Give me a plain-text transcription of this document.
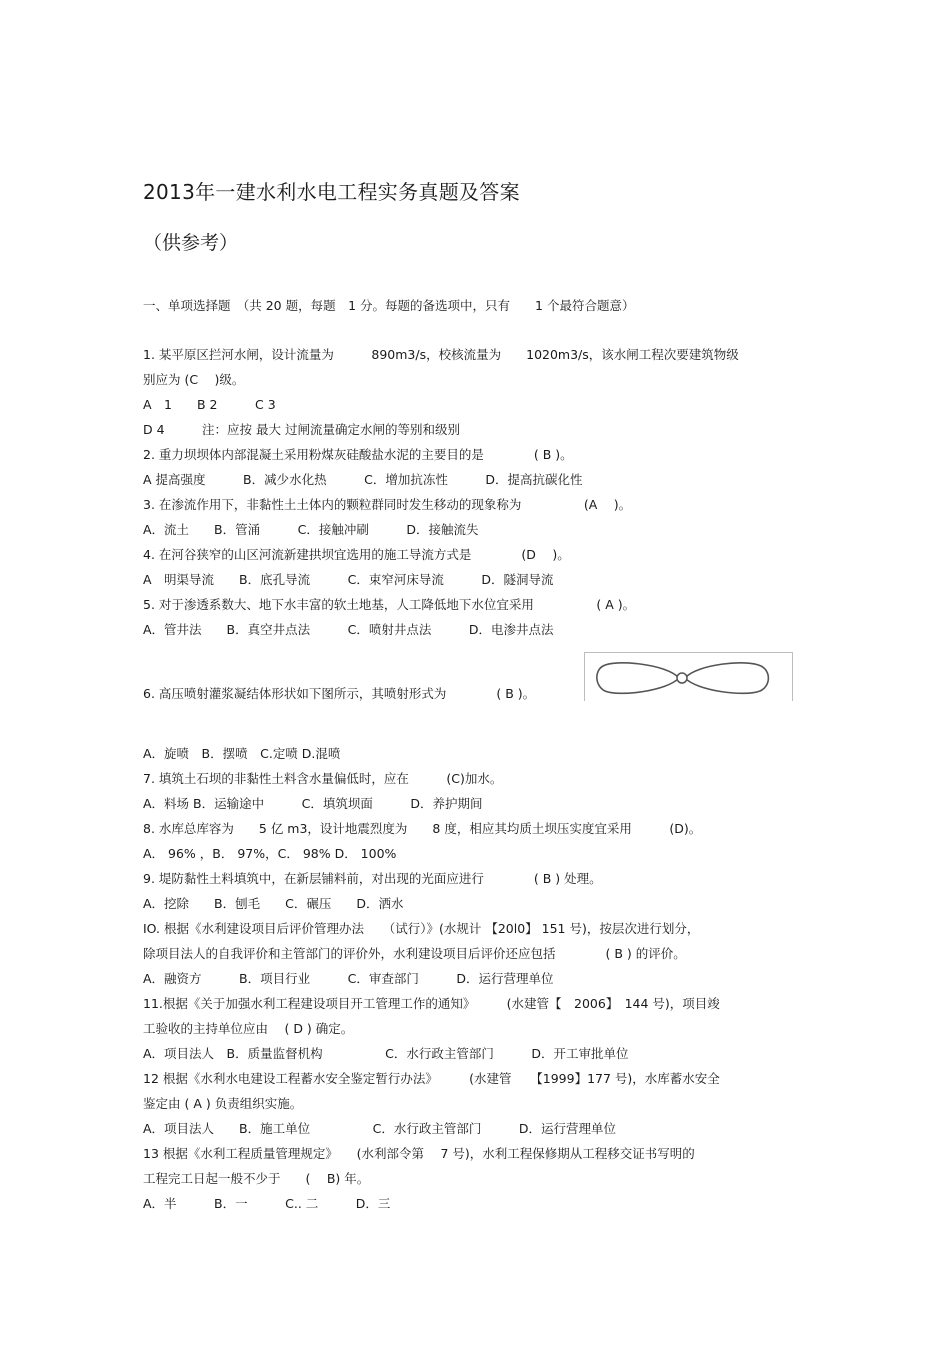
2013年一建水利水电工程实务真题及答案
（供参考）
一、单项选择题　（共 20 题，每题　1 分。每题的备选项中，只有　　1 个最符合题意）
1. 某平原区拦河水闸，设计流量为　　　890m3/s，校核流量为　　1020m3/s，该水闸工程次要建筑物级
别应为 (C　 )级。
A　1　　B 2　　　C 3
D 4　　　注：应按 最大 过闸流量确定水闸的等别和级别
2. 重力坝坝体内部混凝土采用粉煤灰硅酸盐水泥的主要目的是　　　　( B )。
A 提高强度　　　B．减少水化热　　　C．增加抗冻性　　　D．提高抗碳化性
3. 在渗流作用下，非黏性土土体内的颗粒群同时发生移动的现象称为　　　　　(A　 )。
A．流土　　B．管涌　　　C．接触冲刷　　　D．接触流失
4. 在河谷狭窄的山区河流新建拱坝宜选用的施工导流方式是　　　　(D　 )。
A　明渠导流　　B．底孔导流　　　C．束窄河床导流　　　D．隧洞导流
5. 对于渗透系数大、地下水丰富的软土地基，人工降低地下水位宜采用　　　　　( A )。
A．管井法　　B．真空井点法　　　C．喷射井点法　　　D．电渗井点法
6. 高压喷射灌浆凝结体形状如下图所示，其喷射形式为　　　　( B )。
A．旋喷　B．摆喷　C.定喷 D.混喷
7. 填筑土石坝的非黏性土料含水量偏低时，应在　　　(C)加水。
A．料场 B．运输途中　　　C．填筑坝面　　　D．养护期间
8. 水库总库容为　　5 亿 m3，设计地震烈度为　　8 度，相应其均质土坝压实度宜采用　　　(D)。
A． 96% ，B． 97%，C． 98% D． 100%
9. 堤防黏性土料填筑中，在新层铺料前，对出现的光面应进行　　　　( B ) 处理。
A．挖除　　B．刨毛　　C．碾压　　D．洒水
IO. 根据《水利建设项目后评价管理办法　　（试行）》(水规计 【20l0】 151 号)，按层次进行划分，
除项目法人的自我评价和主管部门的评价外，水利建设项目后评价还应包括　　　　( B ) 的评价。
A．融资方　　　B．项目行业　　　C．审查部门　　　D．运行营理单位
11.根据《关于加强水利工程建设项目开工管理工作的通知》　　　(水建管【　2006】　144 号)，项目竣
工验收的主持单位应由　 ( D ) 确定。
A．项目法人　B．质量监督机构　　　　　C．水行政主管部门　　　D．开工审批单位
12 根据《水利水电建设工程蓄水安全鉴定暂行办法》　　　(水建管　　【1999】177 号)，水库蓄水安全
鉴定由 ( A ) 负责组织实施。
A．项目法人　　B．施工单位　　　　　C．水行政主管部门　　　D．运行营理单位
13 根据《水利工程质量管理规定》　　(水利部令第　 7 号)，水利工程保修期从工程移交证书写明的
工程完工日起一般不少于　　(　 B) 年。
A．半　　　B．一　　　C.. 二　　　D．三
